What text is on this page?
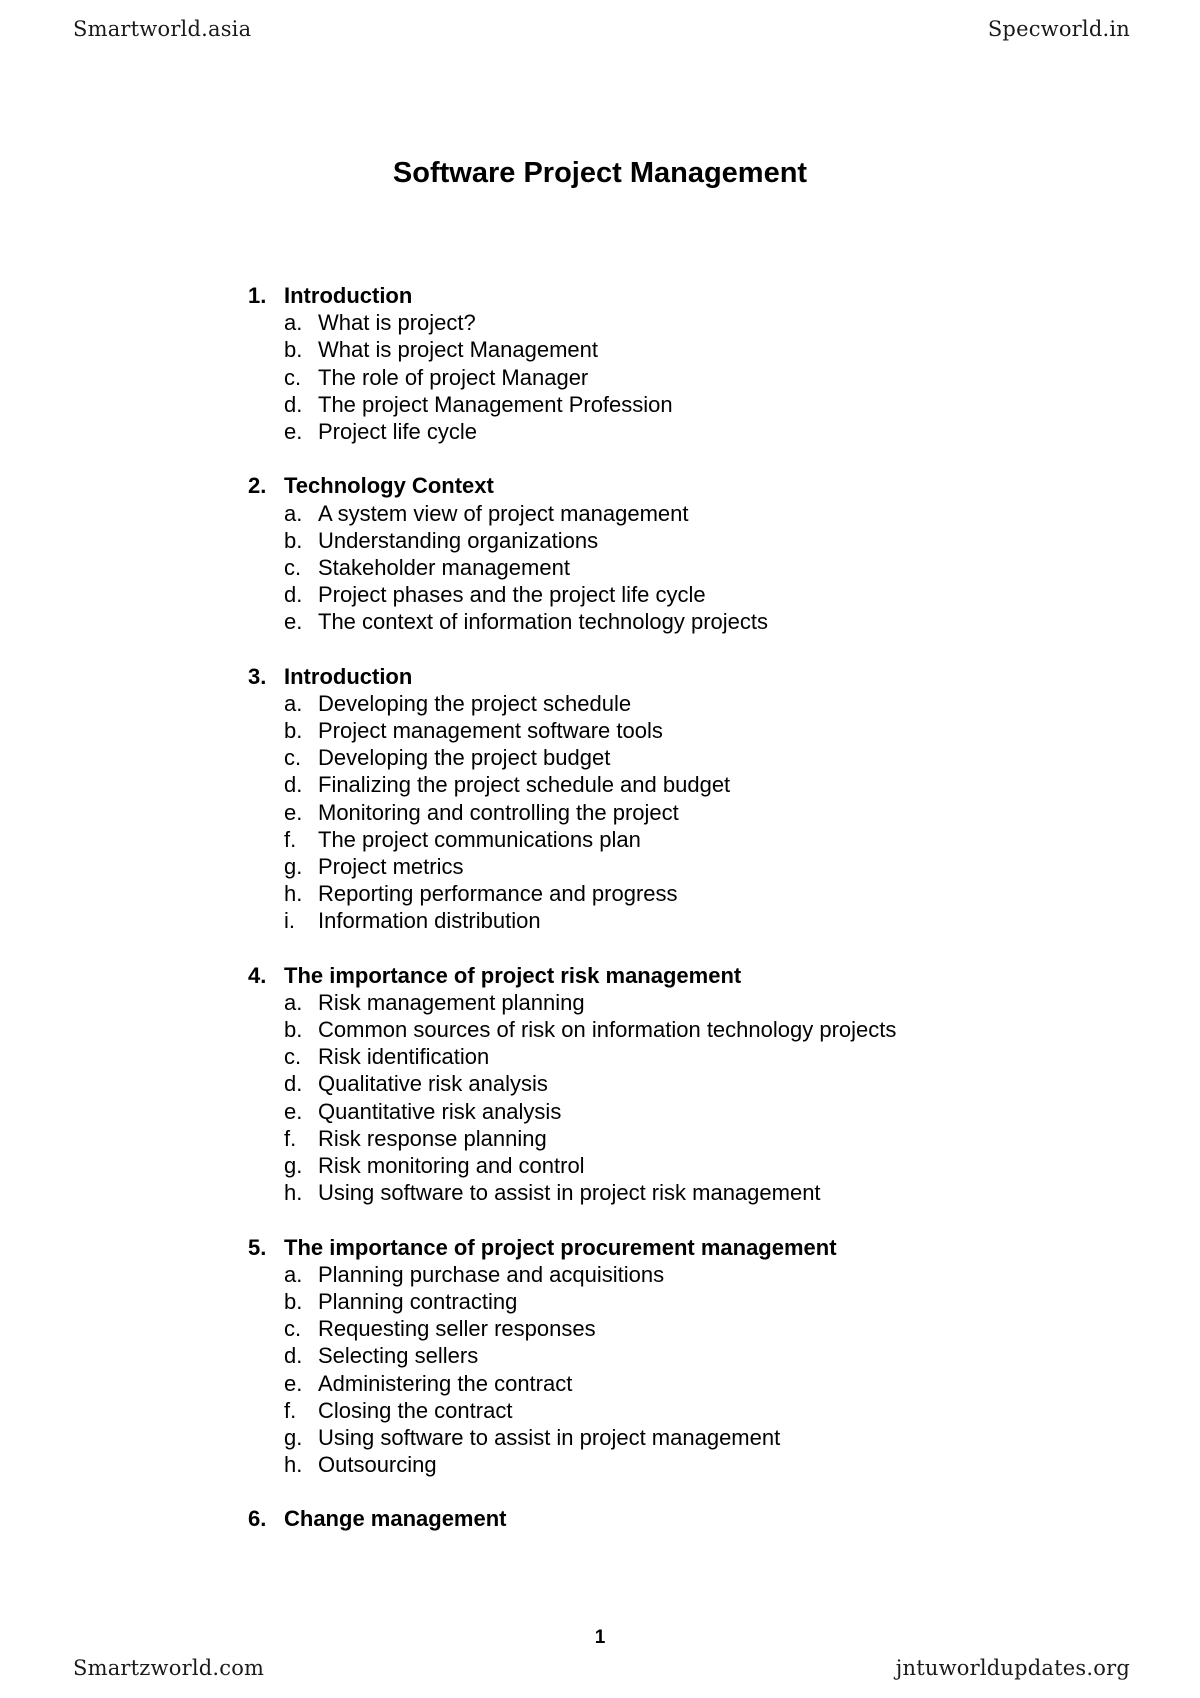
Smartworld.asia	Specworld.in
Software Project Management
1. Introduction
a. What is project?
b. What is project Management
c. The role of project Manager
d. The project Management Profession
e. Project life cycle
2. Technology Context
a. A system view of project management
b. Understanding organizations
c. Stakeholder management
d. Project phases and the project life cycle
e. The context of information technology projects
3. Introduction
a. Developing the project schedule
b. Project management software tools
c. Developing the project budget
d. Finalizing the project schedule and budget
e. Monitoring and controlling the project
f. The project communications plan
g. Project metrics
h. Reporting performance and progress
i.	Information distribution
4. The importance of project risk management
a. Risk management planning
b. Common sources of risk on information technology projects
c. Risk identification
d. Qualitative risk analysis
e. Quantitative risk analysis
f. Risk response planning
g. Risk monitoring and control
h. Using software to assist in project risk management
5. The importance of project procurement management
a. Planning purchase and acquisitions
b. Planning contracting
c. Requesting seller responses
d. Selecting sellers
e. Administering the contract
f. Closing the contract
g. Using software to assist in project management
h. Outsourcing
6. Change management
1
Smartzworld.com	jntuworldupdates.org
